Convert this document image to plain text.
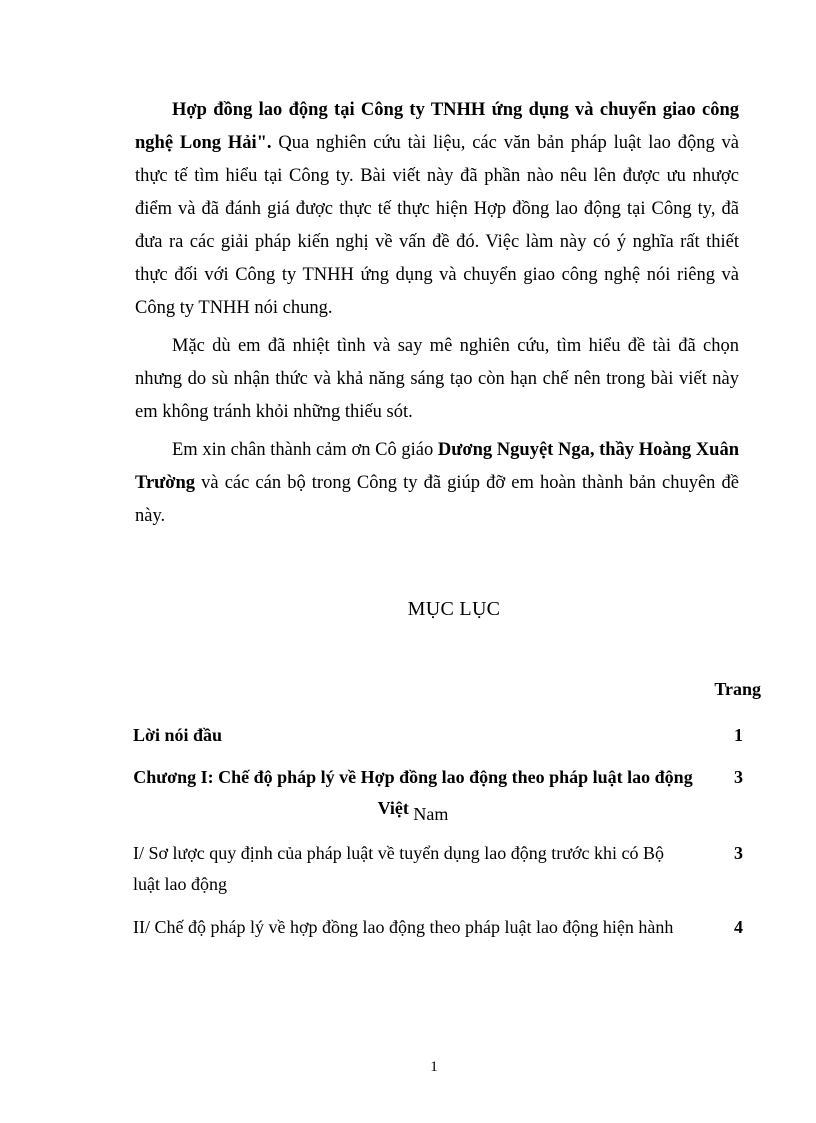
Hợp đồng lao động tại Công ty TNHH ứng dụng và chuyển giao công nghệ Long Hải". Qua nghiên cứu tài liệu, các văn bản pháp luật lao động và thực tế tìm hiểu tại Công ty. Bài viết này đã phần nào nêu lên được ưu nhược điểm và đã đánh giá được thực tế thực hiện Hợp đồng lao động tại Công ty, đã đưa ra các giải pháp kiến nghị về vấn đề đó. Việc làm này có ý nghĩa rất thiết thực đối với Công ty TNHH ứng dụng và chuyển giao công nghệ nói riêng và Công ty TNHH nói chung.

Mặc dù em đã nhiệt tình và say mê nghiên cứu, tìm hiểu đề tài đã chọn nhưng do sù nhận thức và khả năng sáng tạo còn hạn chế nên trong bài viết này em không tránh khỏi những thiếu sót.

Em xin chân thành cảm ơn Cô giáo Dương Nguyệt Nga, thầy Hoàng Xuân Trường và các cán bộ trong Công ty đã giúp đỡ em hoàn thành bản chuyên đề này.

MỤC LỤC
Trang
Lời nói đầu	1
Chương I: Chế độ pháp lý về Hợp đồng lao động theo pháp luật lao động Việt Nam
3
I/ Sơ lược quy định của pháp luật về tuyển dụng lao động trước khi có Bộ luật lao động
3
II/ Chế độ pháp lý về hợp đồng lao động theo pháp luật lao động hiện hành	4
1
